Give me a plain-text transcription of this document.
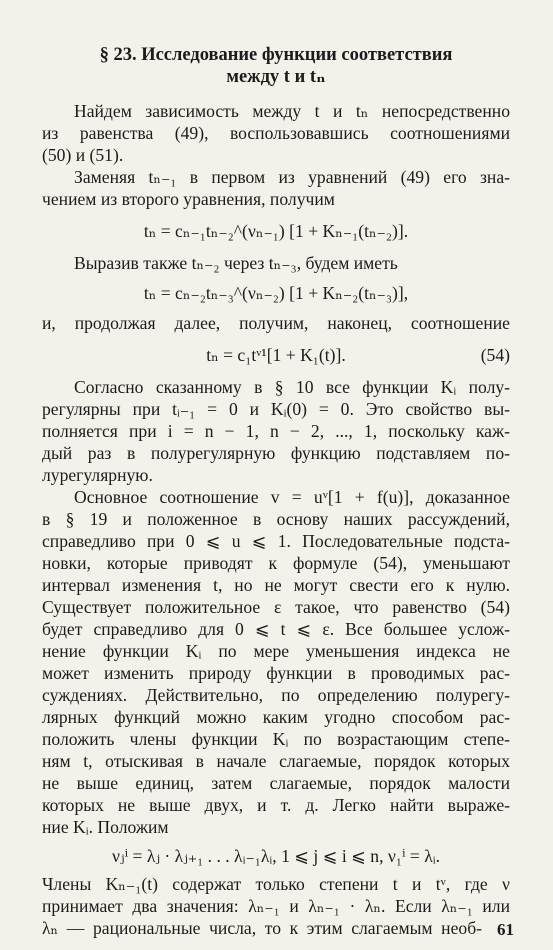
§ 23. Исследование функции соответствия
между t и tₙ
Найдем зависимость между t и tₙ непосредственно
из равенства (49), воспользовавшись соотношениями
(50) и (51).
Заменяя tₙ₋₁ в первом из уравнений (49) его зна-
чением из второго уравнения, получим
tₙ = cₙ₋₁tₙ₋₂^(νₙ₋₁) [1 + Kₙ₋₁(tₙ₋₂)].
Выразив также tₙ₋₂ через tₙ₋₃, будем иметь
tₙ = cₙ₋₂tₙ₋₃^(νₙ₋₂) [1 + Kₙ₋₂(tₙ₋₃)],
и, продолжая далее, получим, наконец, соотношение
tₙ = c₁tᵛ¹[1 + K₁(t)].	(54)
Согласно сказанному в § 10 все функции Kᵢ полу-
регулярны при tᵢ₋₁ = 0 и Kᵢ(0) = 0. Это свойство вы-
полняется при i = n − 1, n − 2, ..., 1, поскольку каж-
дый раз в полурегулярную функцию подставляем по-
лурегулярную.
Основное соотношение v = uᵛ[1 + f(u)], доказанное
в § 19 и положенное в основу наших рассуждений,
справедливо при 0 ⩽ u ⩽ 1. Последовательные подста-
новки, которые приводят к формуле (54), уменьшают
интервал изменения t, но не могут свести его к нулю.
Существует положительное ε такое, что равенство (54)
будет справедливо для 0 ⩽ t ⩽ ε. Все большее услож-
нение функции Kᵢ по мере уменьшения индекса не
может изменить природу функции в проводимых рас-
суждениях. Действительно, по определению полурегу-
лярных функций можно каким угодно способом рас-
положить члены функции Kᵢ по возрастающим степе-
ням t, отыскивая в начале слагаемые, порядок которых
не выше единиц, затем слагаемые, порядок малости
которых не выше двух, и т. д. Легко найти выраже-
ние Kᵢ. Положим
νⱼⁱ = λⱼ · λⱼ₊₁ . . . λᵢ₋₁λᵢ, 1 ⩽ j ⩽ i ⩽ n, ν₁ⁱ = λᵢ.
Члены Kₙ₋₁(t) содержат только степени t и tᵛ, где ν
принимает два значения: λₙ₋₁ и λₙ₋₁ · λₙ. Если λₙ₋₁ или
λₙ — рациональные числа, то к этим слагаемым необ- 61
